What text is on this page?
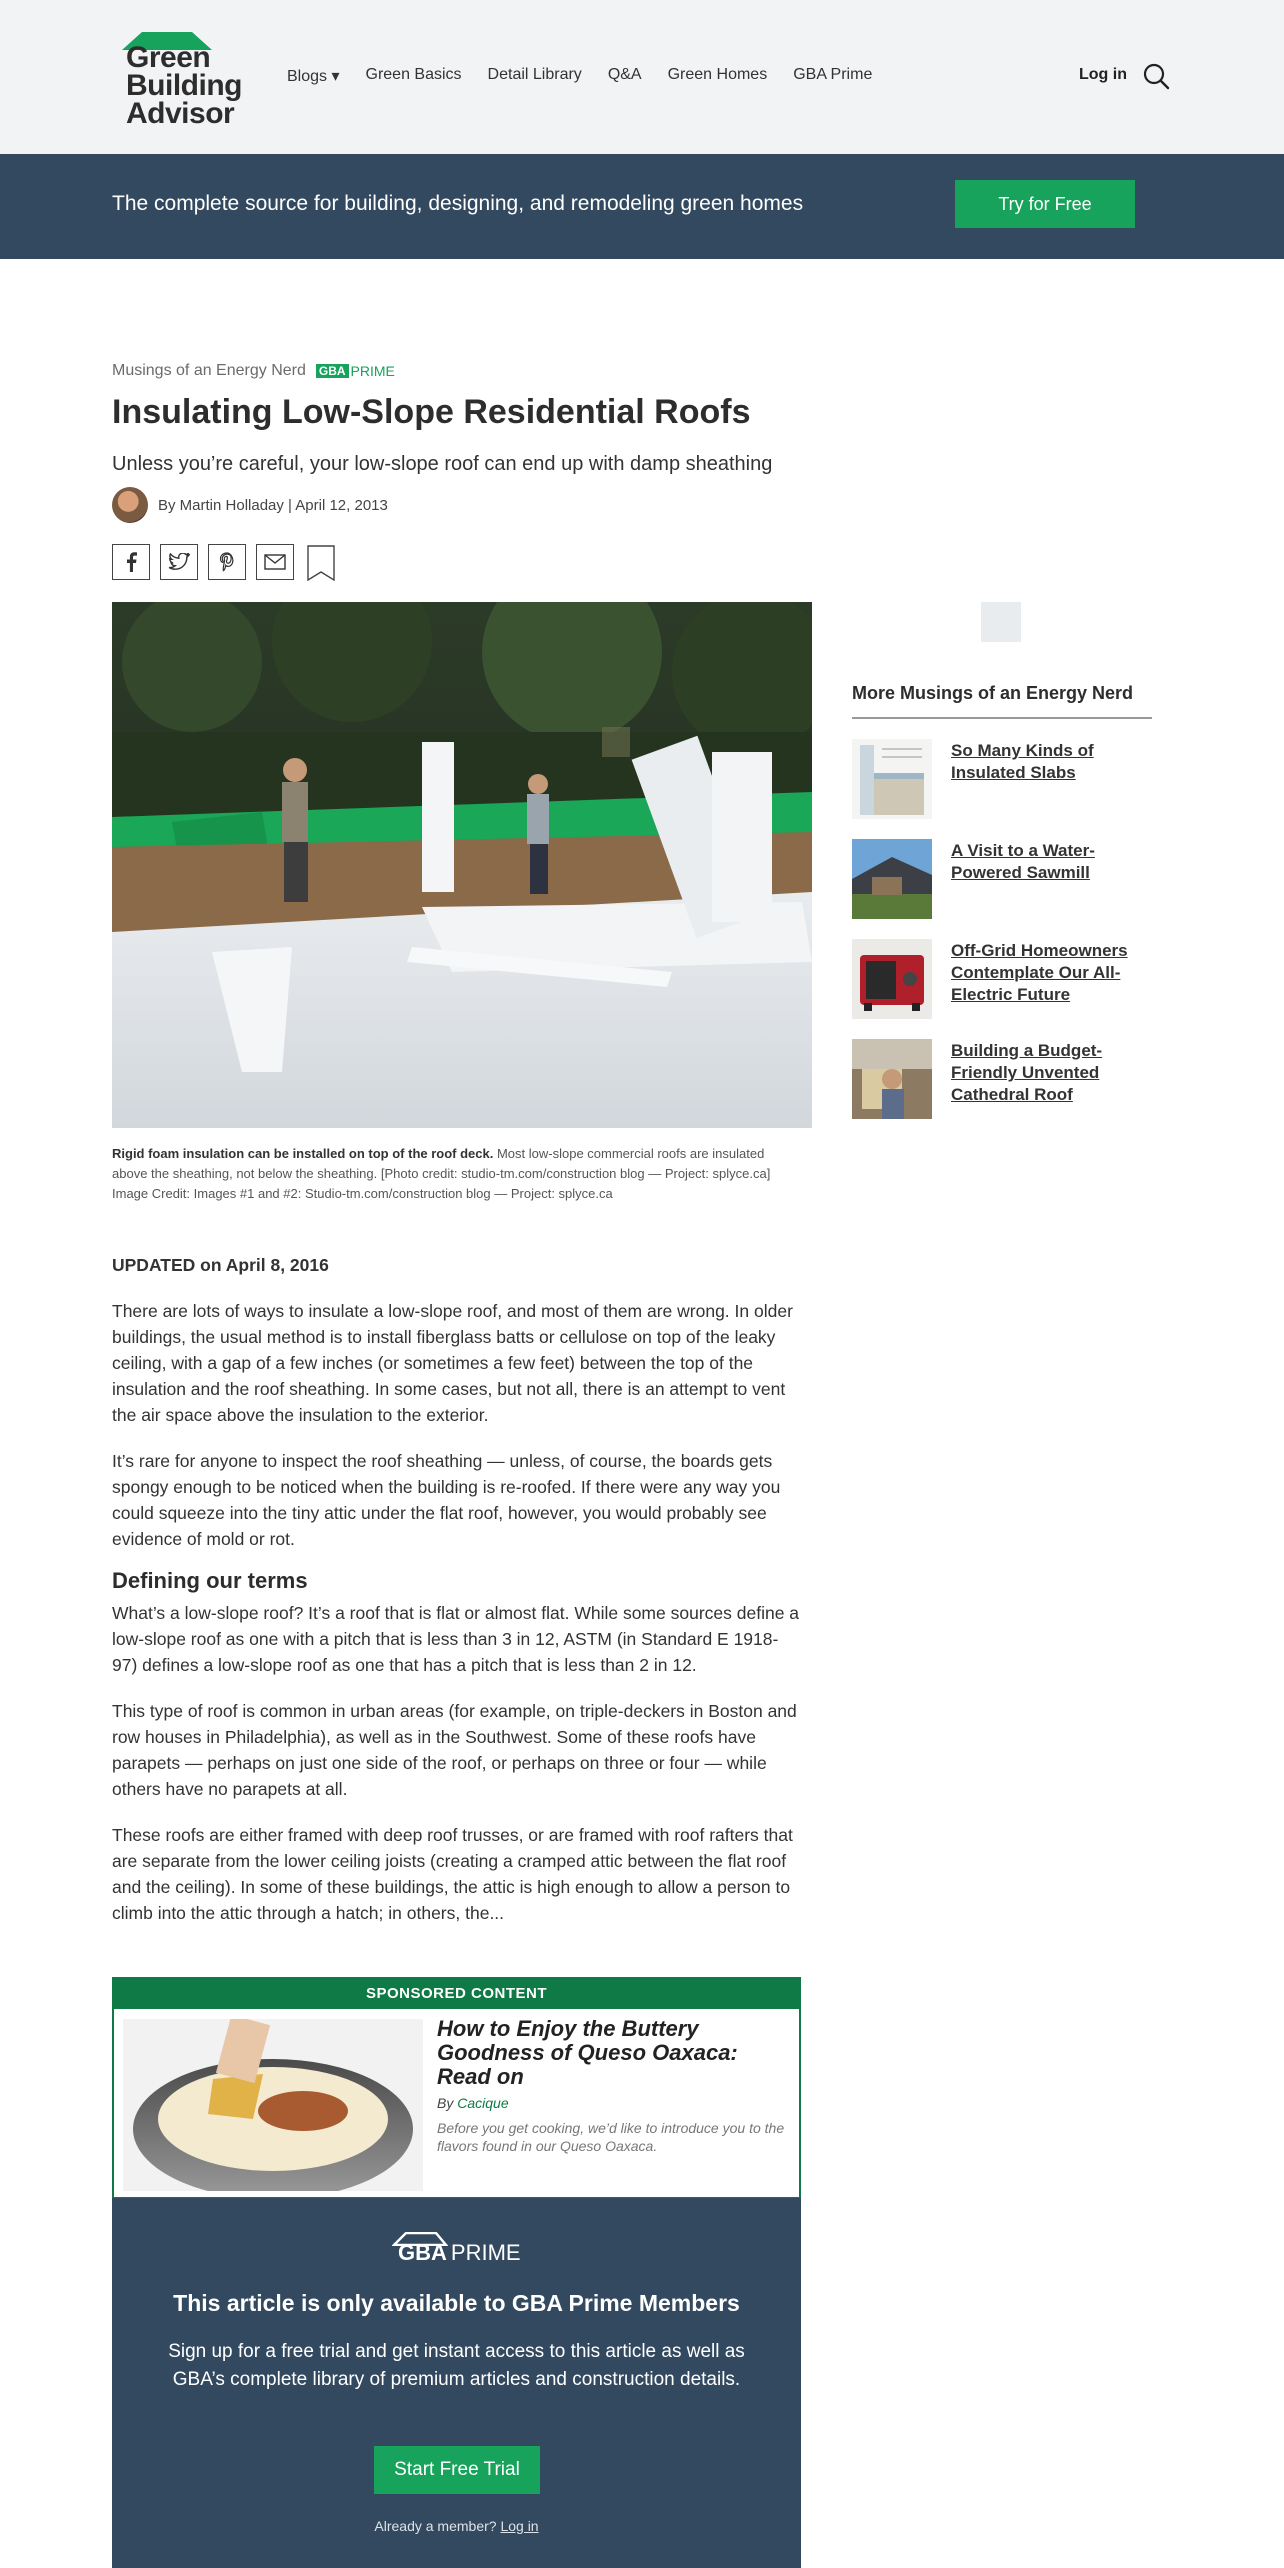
Green
Building
Advisor
Blogs ▾ Green Basics Detail Library Q&A Green Homes GBA Prime	Log in
The complete source for building, designing, and remodeling green homes	Try for Free
Musings of an Energy Nerd GBA PRIME
Insulating Low-Slope Residential Roofs
Unless you’re careful, your low-slope roof can end up with damp sheathing
By Martin Holladay | April 12, 2013
Rigid foam insulation can be installed on top of the roof deck. Most low-slope commercial roofs are insulated above the sheathing, not below the sheathing. [Photo credit: studio-tm.com/construction blog — Project: splyce.ca]
Image Credit: Images #1 and #2: Studio-tm.com/construction blog — Project: splyce.ca
UPDATED on April 8, 2016

There are lots of ways to insulate a low-slope roof, and most of them are wrong. In older buildings, the usual method is to install fiberglass batts or cellulose on top of the leaky ceiling, with a gap of a few inches (or sometimes a few feet) between the top of the insulation and the roof sheathing. In some cases, but not all, there is an attempt to vent the air space above the insulation to the exterior.

It’s rare for anyone to inspect the roof sheathing — unless, of course, the boards gets spongy enough to be noticed when the building is re-roofed. If there were any way you could squeeze into the tiny attic under the flat roof, however, you would probably see evidence of mold or rot.

Defining our terms

What’s a low-slope roof? It’s a roof that is flat or almost flat. While some sources define a low-slope roof as one with a pitch that is less than 3 in 12, ASTM (in Standard E 1918-97) defines a low-slope roof as one that has a pitch that is less than 2 in 12.

This type of roof is common in urban areas (for example, on triple-deckers in Boston and row houses in Philadelphia), as well as in the Southwest. Some of these roofs have parapets — perhaps on just one side of the roof, or perhaps on three or four — while others have no parapets at all.

These roofs are either framed with deep roof trusses, or are framed with roof rafters that are separate from the lower ceiling joists (creating a cramped attic between the flat roof and the ceiling). In some of these buildings, the attic is high enough to allow a person to climb into the attic through a hatch; in others, the...

More Musings of an Energy Nerd
So Many Kinds of Insulated Slabs
A Visit to a Water-Powered Sawmill
Off-Grid Homeowners Contemplate Our All-Electric Future
Building a Budget-Friendly Unvented Cathedral Roof
SPONSORED CONTENT
How to Enjoy the Buttery Goodness of Queso Oaxaca: Read on
By Cacique
Before you get cooking, we’d like to introduce you to the flavors found in our Queso Oaxaca.
GBA PRIME
This article is only available to GBA Prime Members
Sign up for a free trial and get instant access to this article as well as GBA’s complete library of premium articles and construction details.
Start Free Trial
Already a member? Log in
